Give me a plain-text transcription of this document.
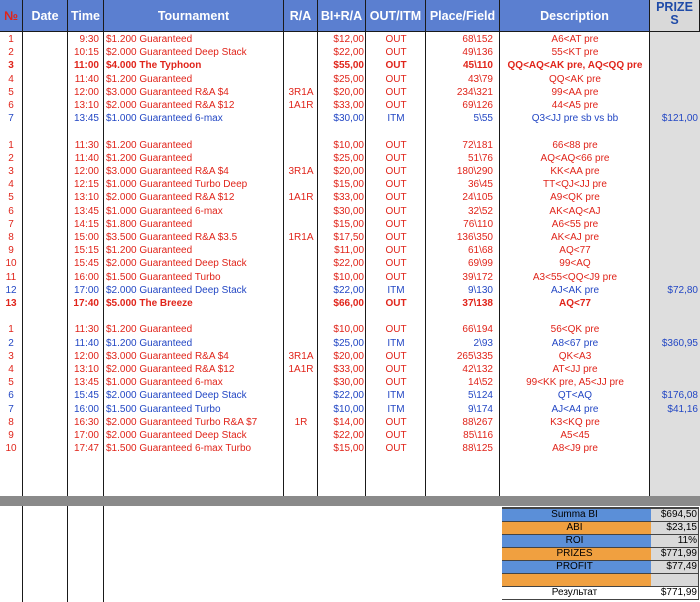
№ Date Time	Tournament	R/A BI+R/A OUT/ITM Place/Field	Description
PRIZE
S
1	9:30 $1.200 Guaranteed	$12,00	OUT	68\152	A6<AT pre
2	10:15 $2.000 Guaranteed Deep Stack	$22,00	OUT	49\136	55<KT pre
3	11:00 $4.000 The Typhoon	$55,00	OUT	45\110	QQ<AQ<AK pre, AQ<QQ pre
4	11:40 $1.200 Guaranteed	$25,00	OUT	43\79	QQ<AK pre
5	12:00 $3.000 Guaranteed R&A $4	3R1A	$20,00	OUT	234\321	99<AA pre
6	13:10 $2.000 Guaranteed R&A $12	1A1R	$33,00	OUT	69\126	44<A5 pre
7	13:45 $1.000 Guaranteed 6-max	$30,00	ITM	5\55	Q3<JJ pre sb vs bb	$121,00
1	11:30 $1.200 Guaranteed	$10,00	OUT	72\181	66<88 pre
2	11:40 $1.200 Guaranteed	$25,00	OUT	51\76	AQ<AQ<66 pre
3	12:00 $3.000 Guaranteed R&A $4	3R1A	$20,00	OUT	180\290	KK<AA pre
4	12:15 $1.000 Guaranteed Turbo Deep	$15,00	OUT	36\45	TT<QJ<JJ pre
5	13:10 $2.000 Guaranteed R&A $12	1A1R	$33,00	OUT	24\105	A9<QK pre
6	13:45 $1.000 Guaranteed 6-max	$30,00	OUT	32\52	AK<AQ<AJ
7	14:15 $1.800 Guaranteed	$15,00	OUT	76\110	A6<55 pre
8	15:00 $3.500 Guaranteed R&A $3.5	1R1A	$17,50	OUT	136\350	AK<AJ pre
9	15:15 $1.200 Guaranteed	$11,00	OUT	61\68	AQ<77
10	15:45 $2.000 Guaranteed Deep Stack	$22,00	OUT	69\99	99<AQ
11	16:00 $1.500 Guaranteed Turbo	$10,00	OUT	39\172	A3<55<QQ<J9 pre
12	17:00 $2.000 Guaranteed Deep Stack	$22,00	ITM	9\130	AJ<AK pre	$72,80
13	17:40 $5.000 The Breeze	$66,00	OUT	37\138	AQ<77
1	11:30 $1.200 Guaranteed	$10,00	OUT	66\194	56<QK pre
2	11:40 $1.200 Guaranteed	$25,00	ITM	2\93	A8<67 pre	$360,95
3	12:00 $3.000 Guaranteed R&A $4	3R1A	$20,00	OUT	265\335	QK<A3
4	13:10 $2.000 Guaranteed R&A $12	1A1R	$33,00	OUT	42\132	AT<JJ pre
5	13:45 $1.000 Guaranteed 6-max	$30,00	OUT	14\52	99<KK pre, A5<JJ pre
6	15:45 $2.000 Guaranteed Deep Stack	$22,00	ITM	5\124	QT<AQ	$176,08
7	16:00 $1.500 Guaranteed Turbo	$10,00	ITM	9\174	AJ<A4 pre	$41,16
8	16:30 $2.000 Guaranteed Turbo R&A $7	1R	$14,00	OUT	88\267	K3<KQ pre
9	17:00 $2.000 Guaranteed Deep Stack	$22,00	OUT	85\116	A5<45
10	17:47 $1.500 Guaranteed 6-max Turbo	$15,00	OUT	88\125	A8<J9 pre
Summa BI	$694,50
ABI	$23,15
ROI	11%
PRIZES	$771,99
PROFIT	$77,49
Результат	$771,99
